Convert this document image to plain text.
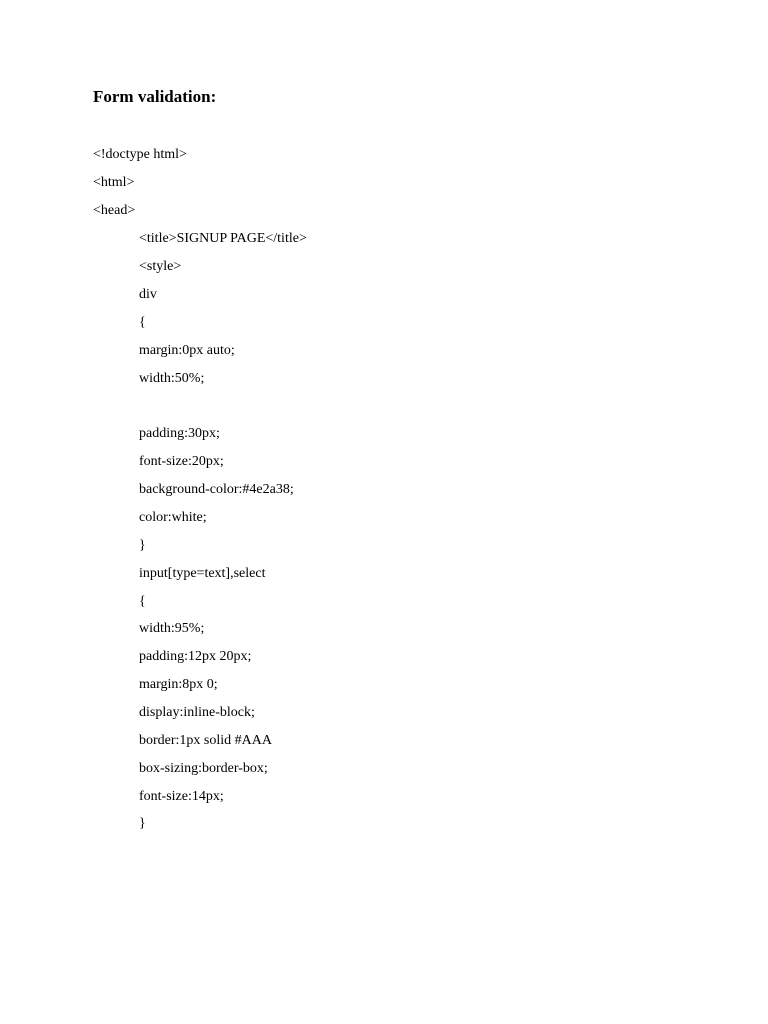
Form validation:
<!doctype html>
<html>
<head>
<title>SIGNUP PAGE</title>
<style>
div
{
margin:0px auto;
width:50%;
padding:30px;
font-size:20px;
background-color:#4e2a38;
color:white;
}
input[type=text],select
{
width:95%;
padding:12px 20px;
margin:8px 0;
display:inline-block;
border:1px solid #AAA
box-sizing:border-box;
font-size:14px;
}
